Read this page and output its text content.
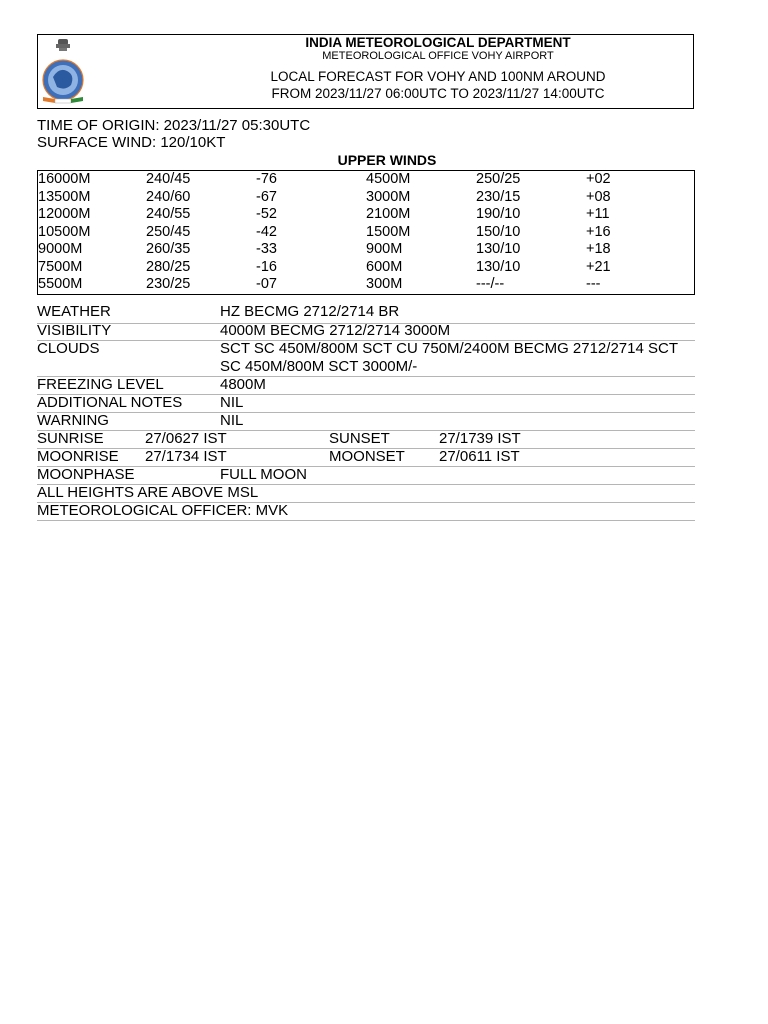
INDIA METEOROLOGICAL DEPARTMENT
METEOROLOGICAL OFFICE VOHY AIRPORT
LOCAL FORECAST FOR VOHY AND 100NM AROUND
FROM 2023/11/27 06:00UTC TO 2023/11/27 14:00UTC
TIME OF ORIGIN: 2023/11/27 05:30UTC
SURFACE WIND: 120/10KT
UPPER WINDS
16000M	240/45	-76	4500M	250/25	+02
13500M	240/60	-67	3000M	230/15	+08
12000M	240/55	-52	2100M	190/10	+11
10500M	250/45	-42	1500M	150/10	+16
9000M	260/35	-33	900M	130/10	+18
7500M	280/25	-16	600M	130/10	+21
5500M	230/25	-07	300M	---/--	---
WEATHER	HZ BECMG 2712/2714 BR
VISIBILITY	4000M BECMG 2712/2714 3000M
CLOUDS	SCT SC 450M/800M SCT CU 750M/2400M BECMG 2712/2714 SCT SC 450M/800M SCT 3000M/-
FREEZING LEVEL	4800M
ADDITIONAL NOTES	NIL
WARNING	NIL
SUNRISE	27/0627 IST	SUNSET	27/1739 IST
MOONRISE 27/1734 IST	MOONSET 27/0611 IST
MOONPHASE	FULL MOON
ALL HEIGHTS ARE ABOVE MSL
METEOROLOGICAL OFFICER: MVK
